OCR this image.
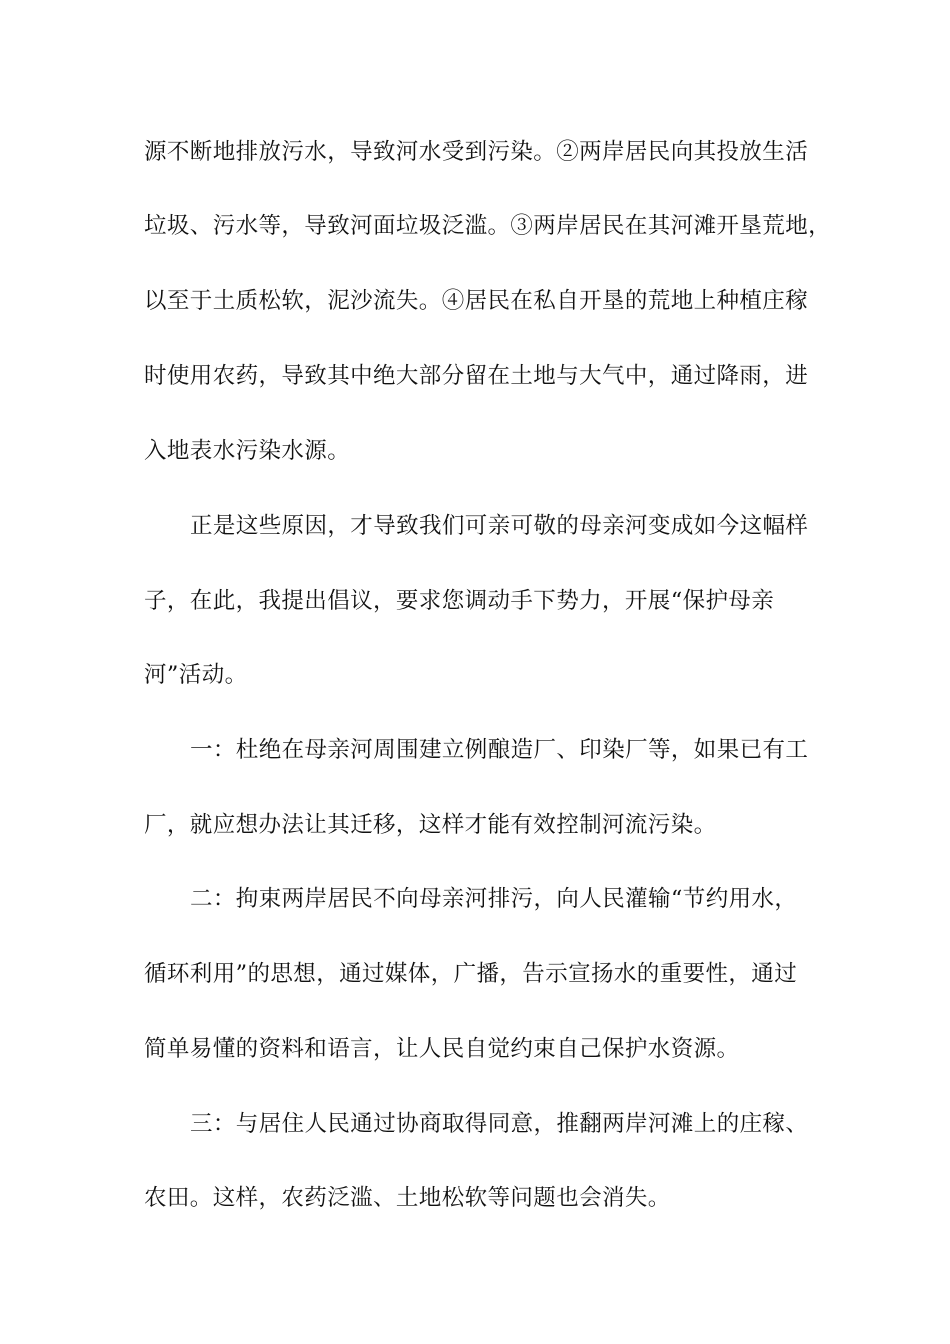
源不断地排放污水，导致河水受到污染。②两岸居民向其投放生活
垃圾、污水等，导致河面垃圾泛滥。③两岸居民在其河滩开垦荒地，
以至于土质松软，泥沙流失。④居民在私自开垦的荒地上种植庄稼
时使用农药，导致其中绝大部分留在土地与大气中，通过降雨，进
入地表水污染水源。
正是这些原因，才导致我们可亲可敬的母亲河变成如今这幅样
子，在此，我提出倡议，要求您调动手下势力，开展“保护母亲
河”活动。
一：杜绝在母亲河周围建立例酿造厂、印染厂等，如果已有工
厂，就应想办法让其迁移，这样才能有效控制河流污染。
二：拘束两岸居民不向母亲河排污，向人民灌输“节约用水，
循环利用”的思想，通过媒体，广播，告示宣扬水的重要性，通过
简单易懂的资料和语言，让人民自觉约束自己保护水资源。
三：与居住人民通过协商取得同意，推翻两岸河滩上的庄稼、
农田。这样，农药泛滥、土地松软等问题也会消失。
